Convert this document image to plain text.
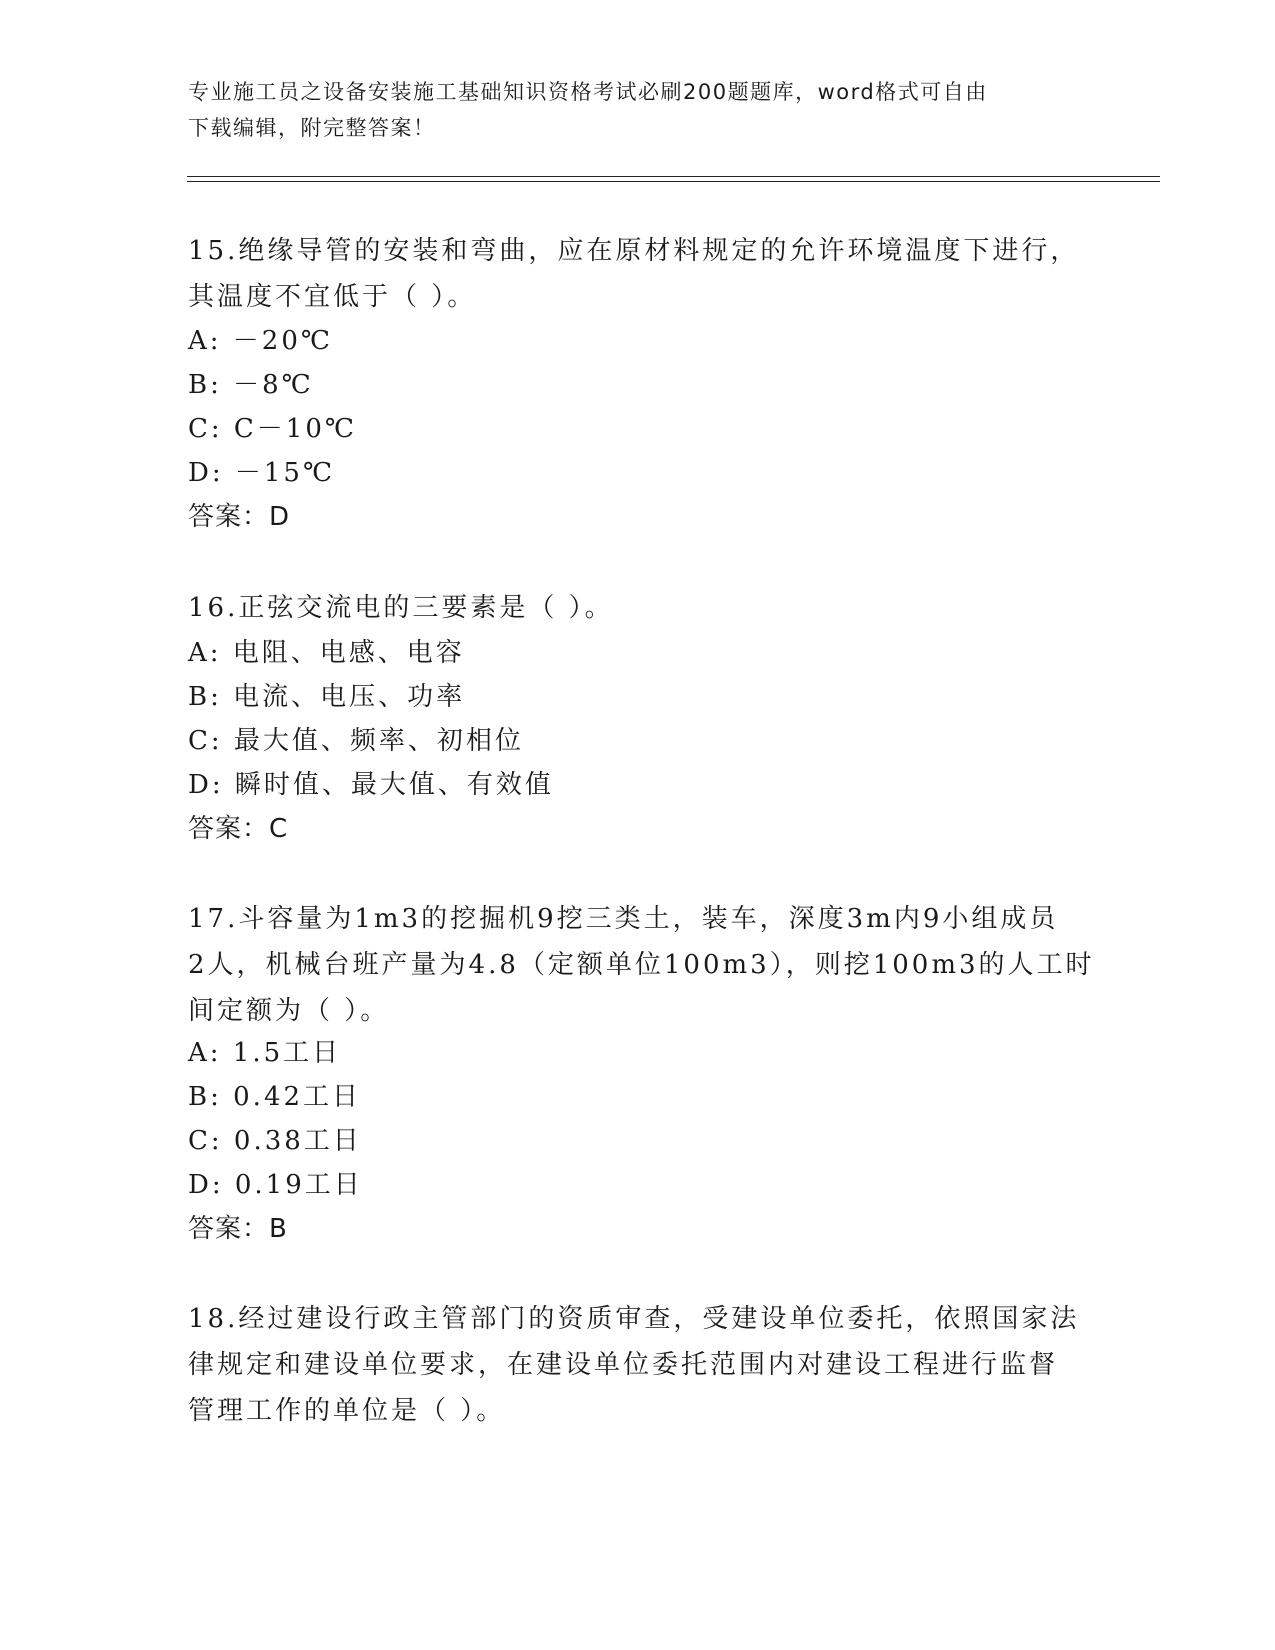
专业施工员之设备安装施工基础知识资格考试必刷200题题库，word格式可自由
下载编辑，附完整答案！
15.绝缘导管的安装和弯曲，应在原材料规定的允许环境温度下进行，
其温度不宜低于（ ）。
A: －20℃
B: －8℃
C: C－10℃
D: －15℃
答案：D
16.正弦交流电的三要素是（ ）。
A: 电阻、电感、电容
B: 电流、电压、功率
C: 最大值、频率、初相位
D: 瞬时值、最大值、有效值
答案：C
17.斗容量为1m3的挖掘机9挖三类土，装车，深度3m内9小组成员
2人，机械台班产量为4.8（定额单位100m3），则挖100m3的人工时
间定额为（ ）。
A: 1.5工日
B: 0.42工日
C: 0.38工日
D: 0.19工日
答案：B
18.经过建设行政主管部门的资质审查，受建设单位委托，依照国家法
律规定和建设单位要求，在建设单位委托范围内对建设工程进行监督
管理工作的单位是（ ）。
